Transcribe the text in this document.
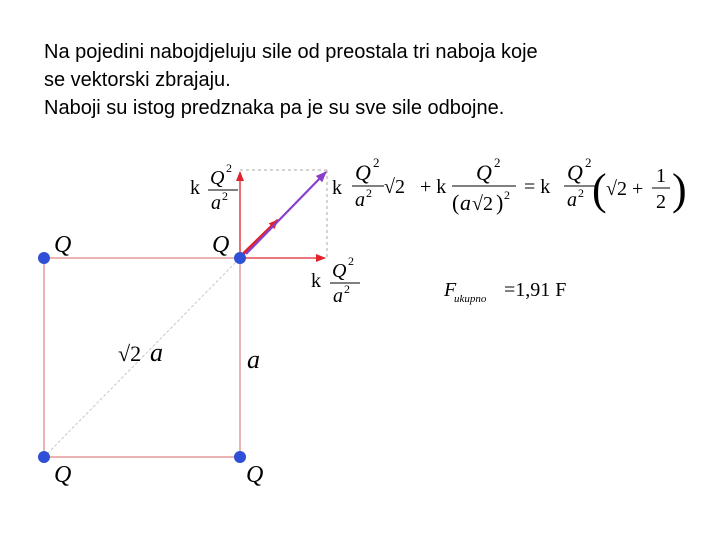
Na pojedini nabojdjeluju sile od preostala tri naboja koje
se vektorski zbrajaju.
Naboji su istog predznaka pa je su sve sile odbojne.
Q	Q
Q	Q
a
√2 a
k Q 2
a 2
k Q 2
a 2
k
Q 2
a 2 √2 + k
Q 2
( a √2 ) 2 = k
Q 2
a 2 ( √2 +
1
2 )
F
ukupno =1,91 F
